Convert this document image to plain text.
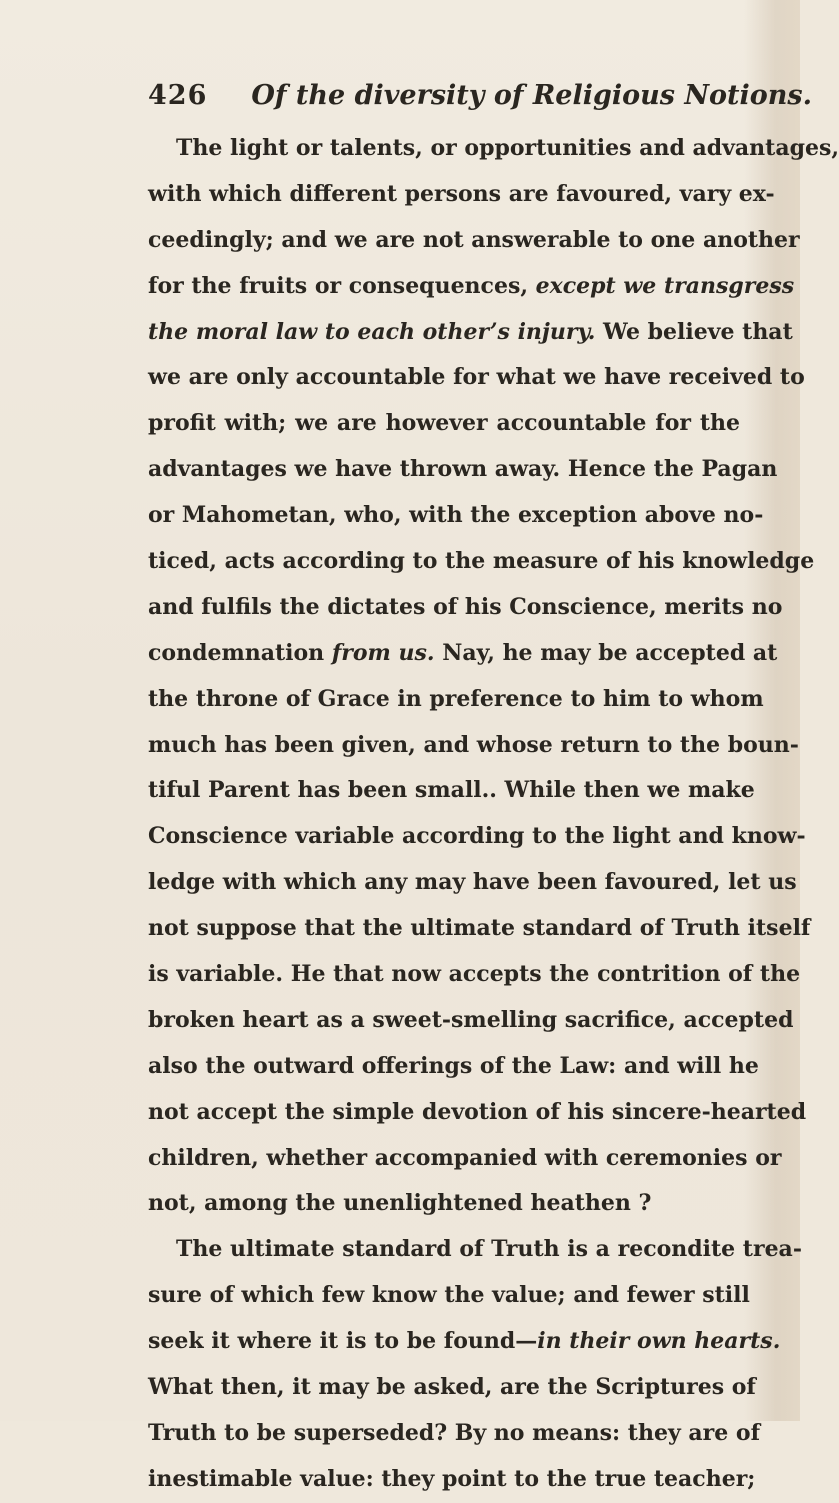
426 Of the diversity of Religious Notions.
The light or talents, or opportunities and advantages,
with which different persons are favoured, vary ex-
ceedingly; and we are not answerable to one another
for the fruits or consequences, except we transgress
the moral law to each other’s injury. We believe that
we are only accountable for what we have received to
profit with; we are however accountable for the
advantages we have thrown away. Hence the Pagan
or Mahometan, who, with the exception above no-
ticed, acts according to the measure of his knowledge
and fulfils the dictates of his Conscience, merits no
condemnation from us. Nay, he may be accepted at
the throne of Grace in preference to him to whom
much has been given, and whose return to the boun-
tiful Parent has been small.. While then we make
Conscience variable according to the light and know-
ledge with which any may have been favoured, let us
not suppose that the ultimate standard of Truth itself
is variable. He that now accepts the contrition of the
broken heart as a sweet-smelling sacrifice, accepted
also the outward offerings of the Law: and will he
not accept the simple devotion of his sincere-hearted
children, whether accompanied with ceremonies or
not, among the unenlightened heathen ?
The ultimate standard of Truth is a recondite trea-
sure of which few know the value; and fewer still
seek it where it is to be found—in their own hearts.
What then, it may be asked, are the Scriptures of
Truth to be superseded? By no means: they are of
inestimable value: they point to the true teacher;
